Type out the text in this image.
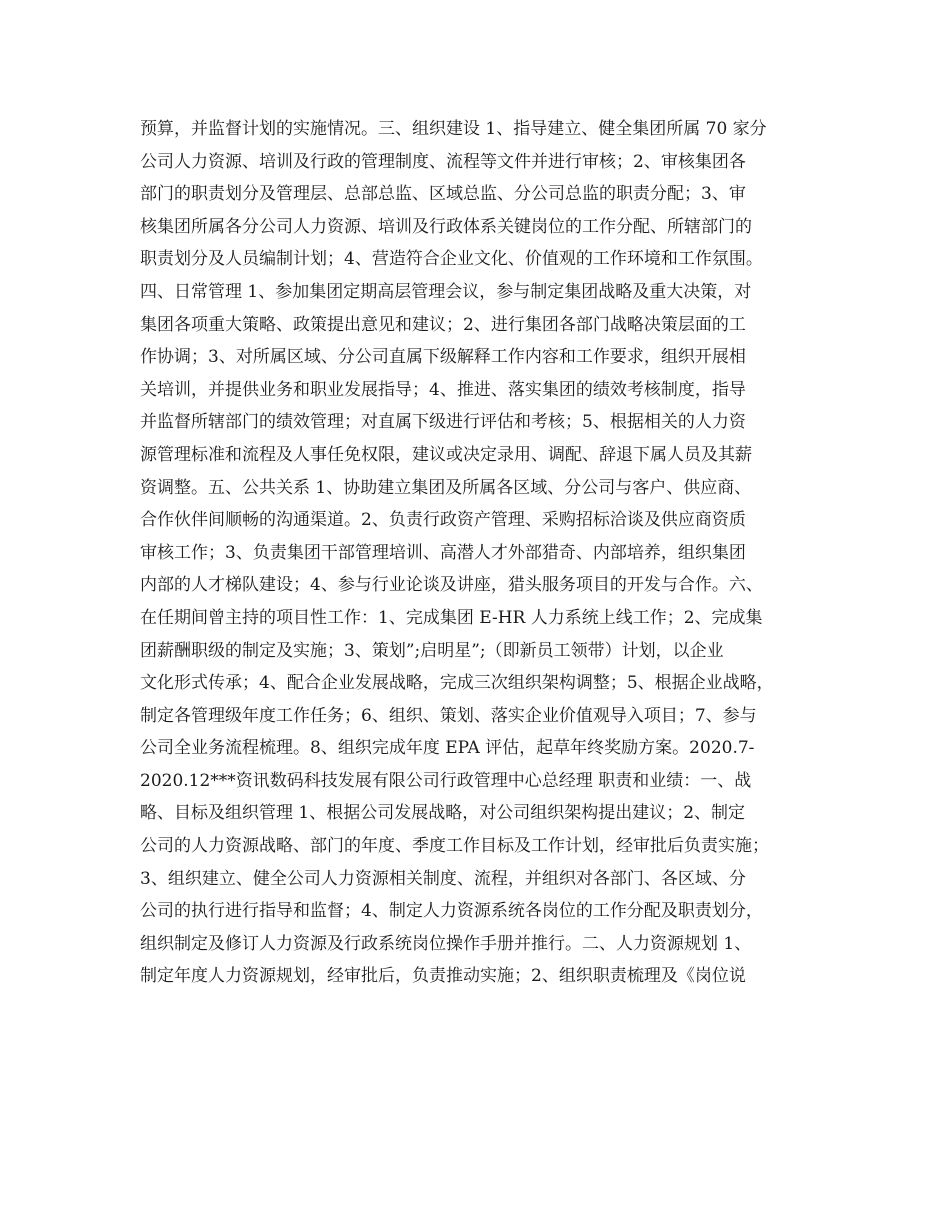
预算，并监督计划的实施情况。三、组织建设 1、指导建立、健全集团所属 70 家分
公司人力资源、培训及行政的管理制度、流程等文件并进行审核；2、审核集团各
部门的职责划分及管理层、总部总监、区域总监、分公司总监的职责分配；3、审
核集团所属各分公司人力资源、培训及行政体系关键岗位的工作分配、所辖部门的
职责划分及人员编制计划；4、营造符合企业文化、价值观的工作环境和工作氛围。
四、日常管理 1、参加集团定期高层管理会议，参与制定集团战略及重大决策，对
集团各项重大策略、政策提出意见和建议；2、进行集团各部门战略决策层面的工
作协调；3、对所属区域、分公司直属下级解释工作内容和工作要求，组织开展相
关培训，并提供业务和职业发展指导；4、推进、落实集团的绩效考核制度，指导
并监督所辖部门的绩效管理；对直属下级进行评估和考核；5、根据相关的人力资
源管理标准和流程及人事任免权限，建议或决定录用、调配、辞退下属人员及其薪
资调整。五、公共关系 1、协助建立集团及所属各区域、分公司与客户、供应商、
合作伙伴间顺畅的沟通渠道。2、负责行政资产管理、采购招标洽谈及供应商资质
审核工作；3、负责集团干部管理培训、高潜人才外部猎奇、内部培养，组织集团
内部的人才梯队建设；4、参与行业论谈及讲座，猎头服务项目的开发与合作。六、
在任期间曾主持的项目性工作：1、完成集团 E-HR 人力系统上线工作；2、完成集
团薪酬职级的制定及实施；3、策划”;启明星”;（即新员工领带）计划，以企业
文化形式传承；4、配合企业发展战略，完成三次组织架构调整；5、根据企业战略，
制定各管理级年度工作任务；6、组织、策划、落实企业价值观导入项目；7、参与
公司全业务流程梳理。8、组织完成年度 EPA 评估，起草年终奖励方案。2020.7-
2020.12***资讯数码科技发展有限公司行政管理中心总经理 职责和业绩：一、战
略、目标及组织管理 1、根据公司发展战略，对公司组织架构提出建议；2、制定
公司的人力资源战略、部门的年度、季度工作目标及工作计划，经审批后负责实施；
3、组织建立、健全公司人力资源相关制度、流程，并组织对各部门、各区域、分
公司的执行进行指导和监督；4、制定人力资源系统各岗位的工作分配及职责划分，
组织制定及修订人力资源及行政系统岗位操作手册并推行。二、人力资源规划 1、
制定年度人力资源规划，经审批后，负责推动实施；2、组织职责梳理及《岗位说
